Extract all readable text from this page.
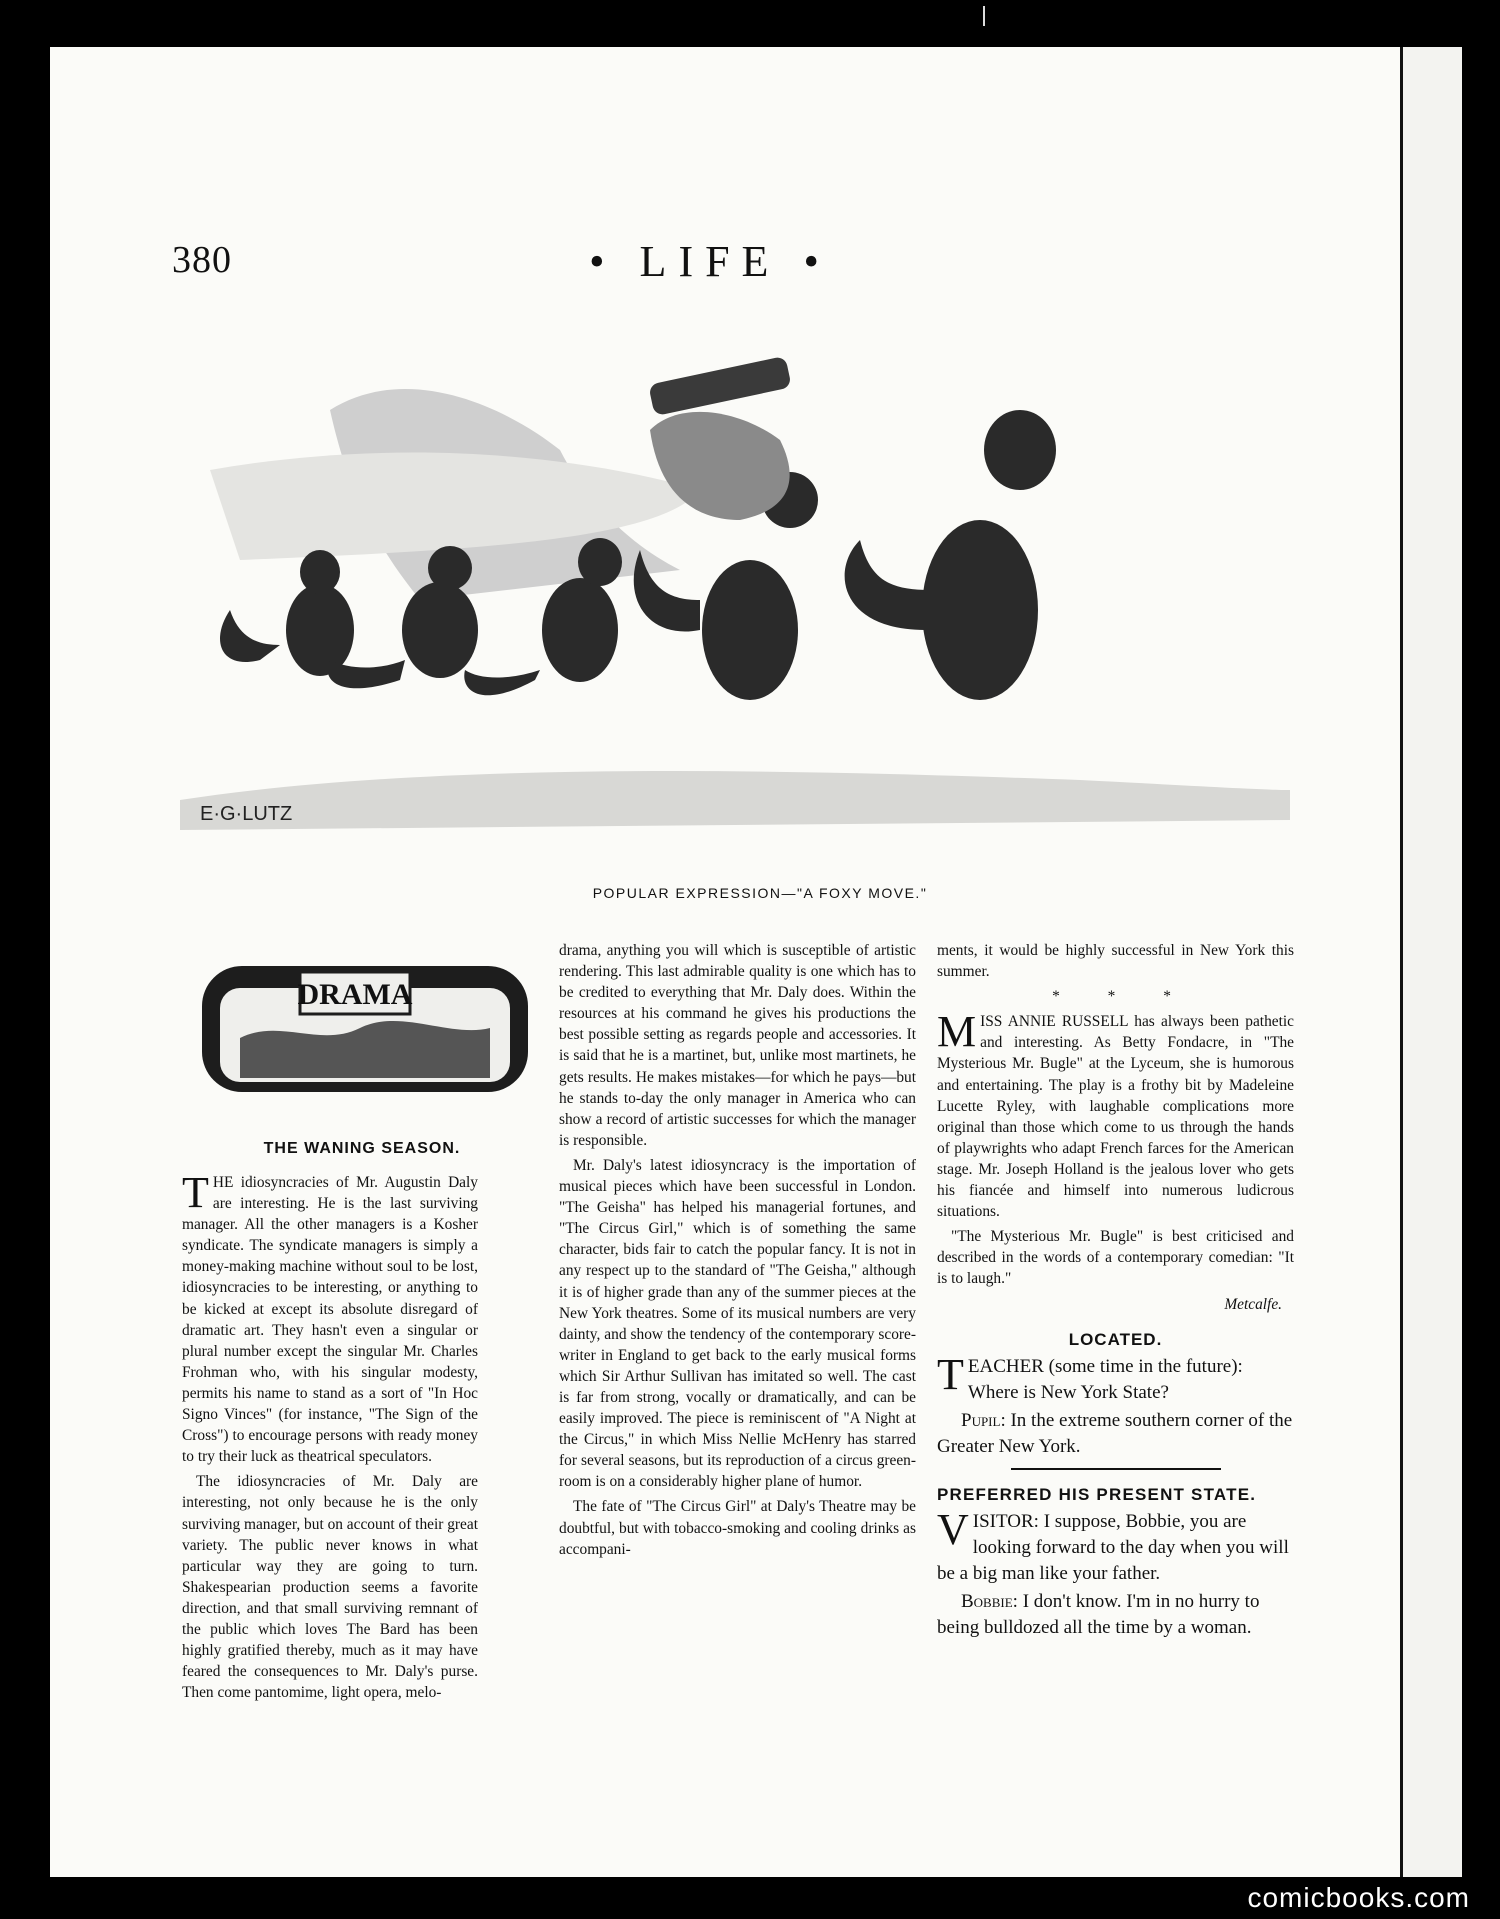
380	• LIFE •
E·G·LUTZ
POPULAR EXPRESSION—"A FOXY MOVE."
DRAMA
THE WANING SEASON.

THE idiosyncracies of Mr. Augustin Daly are interesting. He is the last surviving manager. All the other managers is a Kosher syndicate. The syndicate managers is simply a money-making machine without soul to be lost, idiosyncracies to be interesting, or anything to be kicked at except its absolute disregard of dramatic art. They hasn't even a singular or plural number except the singular Mr. Charles Frohman who, with his singular modesty, permits his name to stand as a sort of "In Hoc Signo Vinces" (for instance, "The Sign of the Cross") to encourage persons with ready money to try their luck as theatrical speculators.

The idiosyncracies of Mr. Daly are interesting, not only because he is the only surviving manager, but on account of their great variety. The public never knows in what particular way they are going to turn. Shakespearian production seems a favorite direction, and that small surviving remnant of the public which loves The Bard has been highly gratified thereby, much as it may have feared the consequences to Mr. Daly's purse. Then come pantomime, light opera, melo-

drama, anything you will which is susceptible of artistic rendering. This last admirable quality is one which has to be credited to everything that Mr. Daly does. Within the resources at his command he gives his productions the best possible setting as regards people and accessories. It is said that he is a martinet, but, unlike most martinets, he gets results. He makes mistakes—for which he pays—but he stands to-day the only manager in America who can show a record of artistic successes for which the manager is responsible.

Mr. Daly's latest idiosyncracy is the importation of musical pieces which have been successful in London. "The Geisha" has helped his managerial fortunes, and "The Circus Girl," which is of something the same character, bids fair to catch the popular fancy. It is not in any respect up to the standard of "The Geisha," although it is of higher grade than any of the summer pieces at the New York theatres. Some of its musical numbers are very dainty, and show the tendency of the contemporary score-writer in England to get back to the early musical forms which Sir Arthur Sullivan has imitated so well. The cast is far from strong, vocally or dramatically, and can be easily improved. The piece is reminiscent of "A Night at the Circus," in which Miss Nellie McHenry has starred for several seasons, but its reproduction of a circus green-room is on a considerably higher plane of humor.

The fate of "The Circus Girl" at Daly's Theatre may be doubtful, but with tobacco-smoking and cooling drinks as accompani-

ments, it would be highly successful in New York this summer.

* * *

MISS ANNIE RUSSELL has always been pathetic and interesting. As Betty Fondacre, in "The Mysterious Mr. Bugle" at the Lyceum, she is humorous and entertaining. The play is a frothy bit by Madeleine Lucette Ryley, with laughable complications more original than those which come to us through the hands of playwrights who adapt French farces for the American stage. Mr. Joseph Holland is the jealous lover who gets his fiancée and himself into numerous ludicrous situations.

"The Mysterious Mr. Bugle" is best criticised and described in the words of a contemporary comedian: "It is to laugh."

Metcalfe.

LOCATED.

TEACHER (some time in the future): Where is New York State?

Pupil: In the extreme southern corner of the Greater New York.

PREFERRED HIS PRESENT STATE.

VISITOR: I suppose, Bobbie, you are looking forward to the day when you will be a big man like your father.

Bobbie: I don't know. I'm in no hurry to being bulldozed all the time by a woman.

comicbooks.com
